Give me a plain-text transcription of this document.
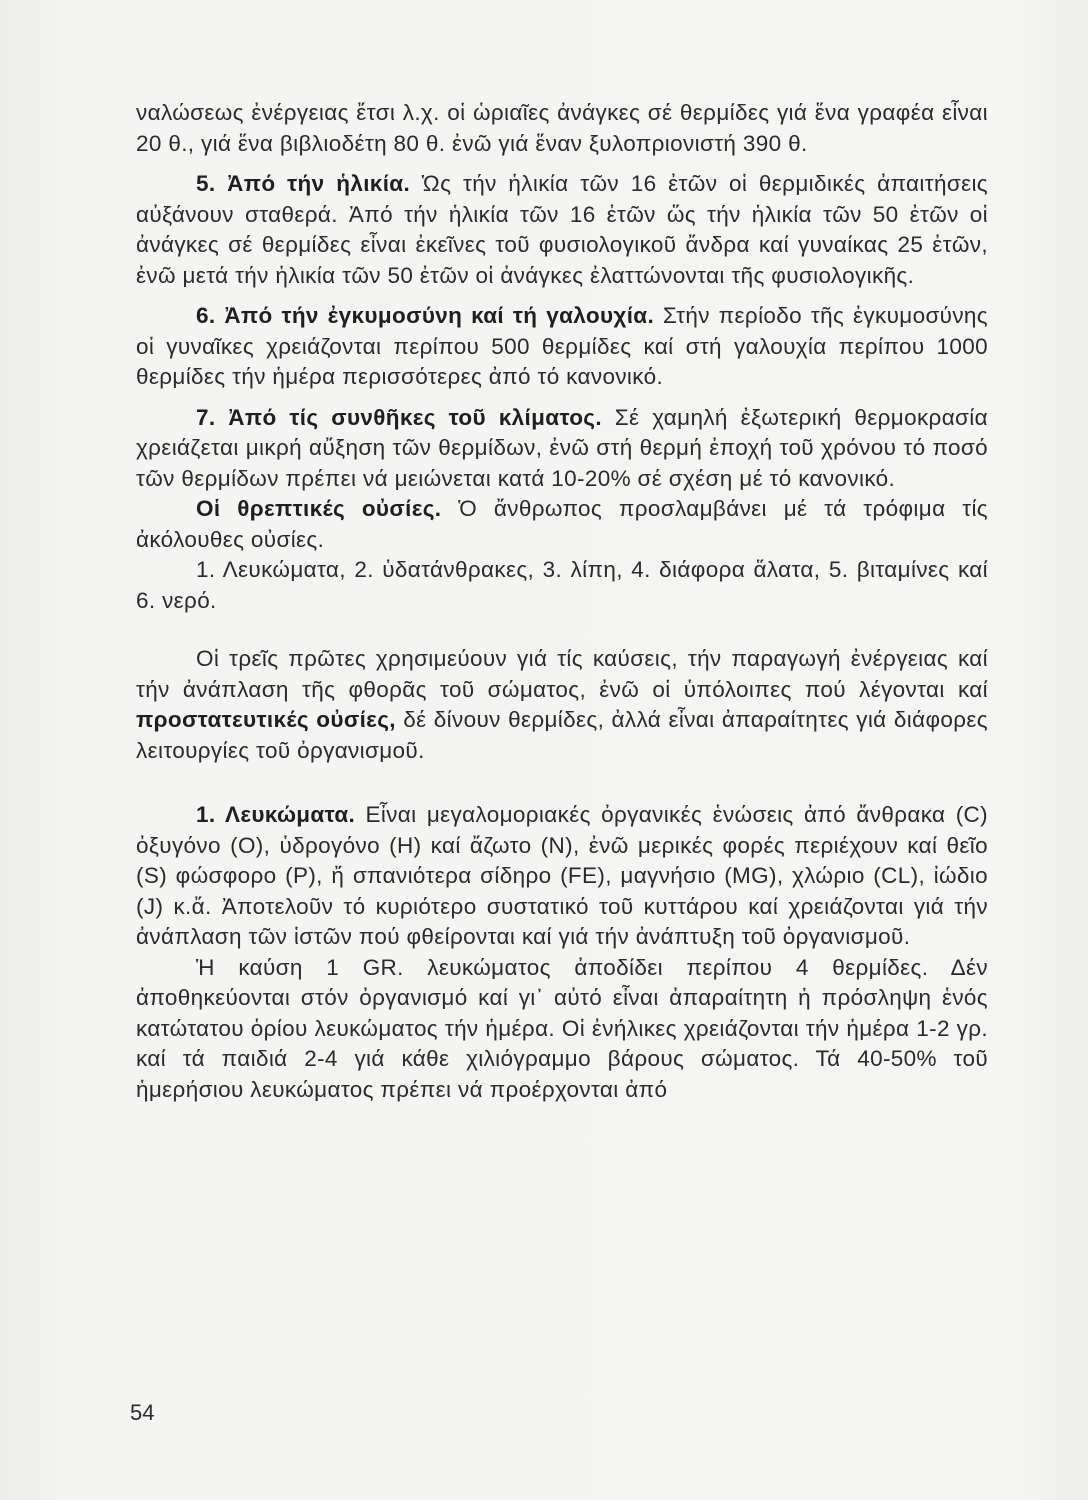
ναλώσεως ἐνέργειας ἔτσι λ.χ. οἱ ὡριαῖες ἀνάγκες σέ θερμίδες γιά ἕνα γραφέα εἶναι 20 θ., γιά ἕνα βιβλιοδέτη 80 θ. ἐνῶ γιά ἕναν ξυλοπριονιστή 390 θ.

5. Ἀπό τήν ἡλικία. Ὡς τήν ἡλικία τῶν 16 ἐτῶν οἱ θερμιδικές ἀπαιτήσεις αὐξάνουν σταθερά. Ἀπό τήν ἡλικία τῶν 16 ἐτῶν ὥς τήν ἡλικία τῶν 50 ἐτῶν οἱ ἀνάγκες σέ θερμίδες εἶναι ἐκεῖνες τοῦ φυσιολογικοῦ ἄνδρα καί γυναίκας 25 ἐτῶν, ἐνῶ μετά τήν ἡλικία τῶν 50 ἐτῶν οἱ ἀνάγκες ἐλαττώνονται τῆς φυσιολογικῆς.

6. Ἀπό τήν ἐγκυμοσύνη καί τή γαλουχία. Στήν περίοδο τῆς ἐγκυμοσύνης οἱ γυναῖκες χρειάζονται περίπου 500 θερμίδες καί στή γαλουχία περίπου 1000 θερμίδες τήν ἡμέρα περισσότερες ἀπό τό κανονικό.

7. Ἀπό τίς συνθῆκες τοῦ κλίματος. Σέ χαμηλή ἐξωτερική θερμοκρασία χρειάζεται μικρή αὔξηση τῶν θερμίδων, ἐνῶ στή θερμή ἐποχή τοῦ χρόνου τό ποσό τῶν θερμίδων πρέπει νά μειώνεται κατά 10-20% σέ σχέση μέ τό κανονικό.

Οἱ θρεπτικές οὐσίες. Ὁ ἄνθρωπος προσλαμβάνει μέ τά τρόφιμα τίς ἀκόλουθες οὐσίες.

1. Λευκώματα, 2. ὑδατάνθρακες, 3. λίπη, 4. διάφορα ἅλατα, 5. βιταμίνες καί 6. νερό.

Οἱ τρεῖς πρῶτες χρησιμεύουν γιά τίς καύσεις, τήν παραγωγή ἐνέργειας καί τήν ἀνάπλαση τῆς φθορᾶς τοῦ σώματος, ἐνῶ οἱ ὑπόλοιπες πού λέγονται καί προστατευτικές οὐσίες, δέ δίνουν θερμίδες, ἀλλά εἶναι ἀπαραίτητες γιά διάφορες λειτουργίες τοῦ ὀργανισμοῦ.

1. Λευκώματα. Εἶναι μεγαλομοριακές ὀργανικές ἑνώσεις ἀπό ἄνθρακα (C) ὀξυγόνο (O), ὑδρογόνο (H) καί ἄζωτο (N), ἐνῶ μερικές φορές περιέχουν καί θεῖο (S) φώσφορο (P), ἤ σπανιότερα σίδηρο (FE), μαγνήσιο (MG), χλώριο (CL), ἰώδιο (J) κ.ἄ. Ἀποτελοῦν τό κυριότερο συστατικό τοῦ κυττάρου καί χρειάζονται γιά τήν ἀνάπλαση τῶν ἱστῶν πού φθείρονται καί γιά τήν ἀνάπτυξη τοῦ ὀργανισμοῦ.

Ἡ καύση 1 GR. λευκώματος ἀποδίδει περίπου 4 θερμίδες. Δέν ἀποθηκεύονται στόν ὀργανισμό καί γι᾽ αὐτό εἶναι ἀπαραίτητη ἡ πρόσληψη ἑνός κατώτατου ὁρίου λευκώματος τήν ἡμέρα. Οἱ ἐνήλικες χρειάζονται τήν ἡμέρα 1-2 γρ. καί τά παιδιά 2-4 γιά κάθε χιλιόγραμμο βάρους σώματος. Τά 40-50% τοῦ ἡμερήσιου λευκώματος πρέπει νά προέρχονται ἀπό

54
